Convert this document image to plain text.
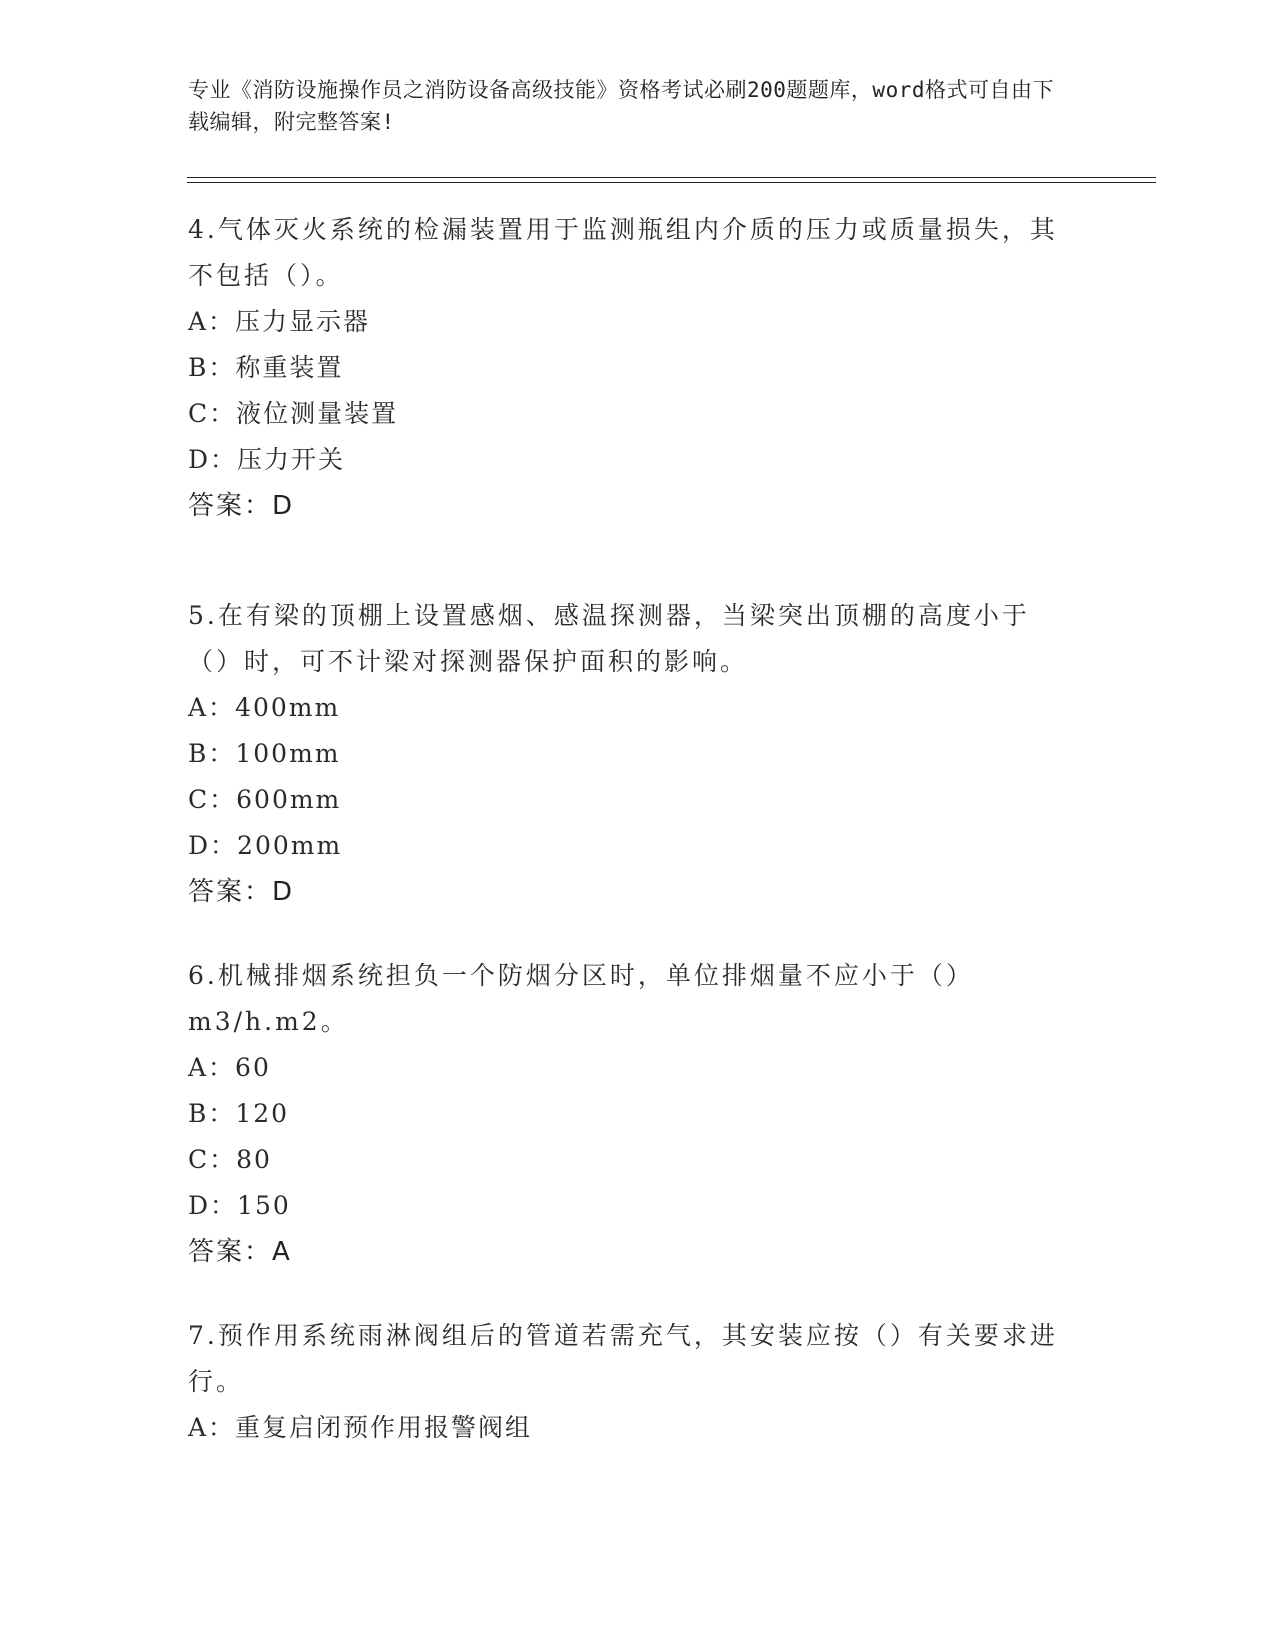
专业《消防设施操作员之消防设备高级技能》资格考试必刷200题题库，word格式可自由下载编辑，附完整答案!
4.气体灭火系统的检漏装置用于监测瓶组内介质的压力或质量损失，其不包括（）。
A：压力显示器
B：称重装置
C：液位测量装置
D：压力开关
答案：D
5.在有梁的顶棚上设置感烟、感温探测器，当梁突出顶棚的高度小于（）时，可不计梁对探测器保护面积的影响。
A：400mm
B：100mm
C：600mm
D：200mm
答案：D
6.机械排烟系统担负一个防烟分区时，单位排烟量不应小于（）m3/h.m2。
A：60
B：120
C：80
D：150
答案：A
7.预作用系统雨淋阀组后的管道若需充气，其安装应按（）有关要求进行。
A：重复启闭预作用报警阀组
